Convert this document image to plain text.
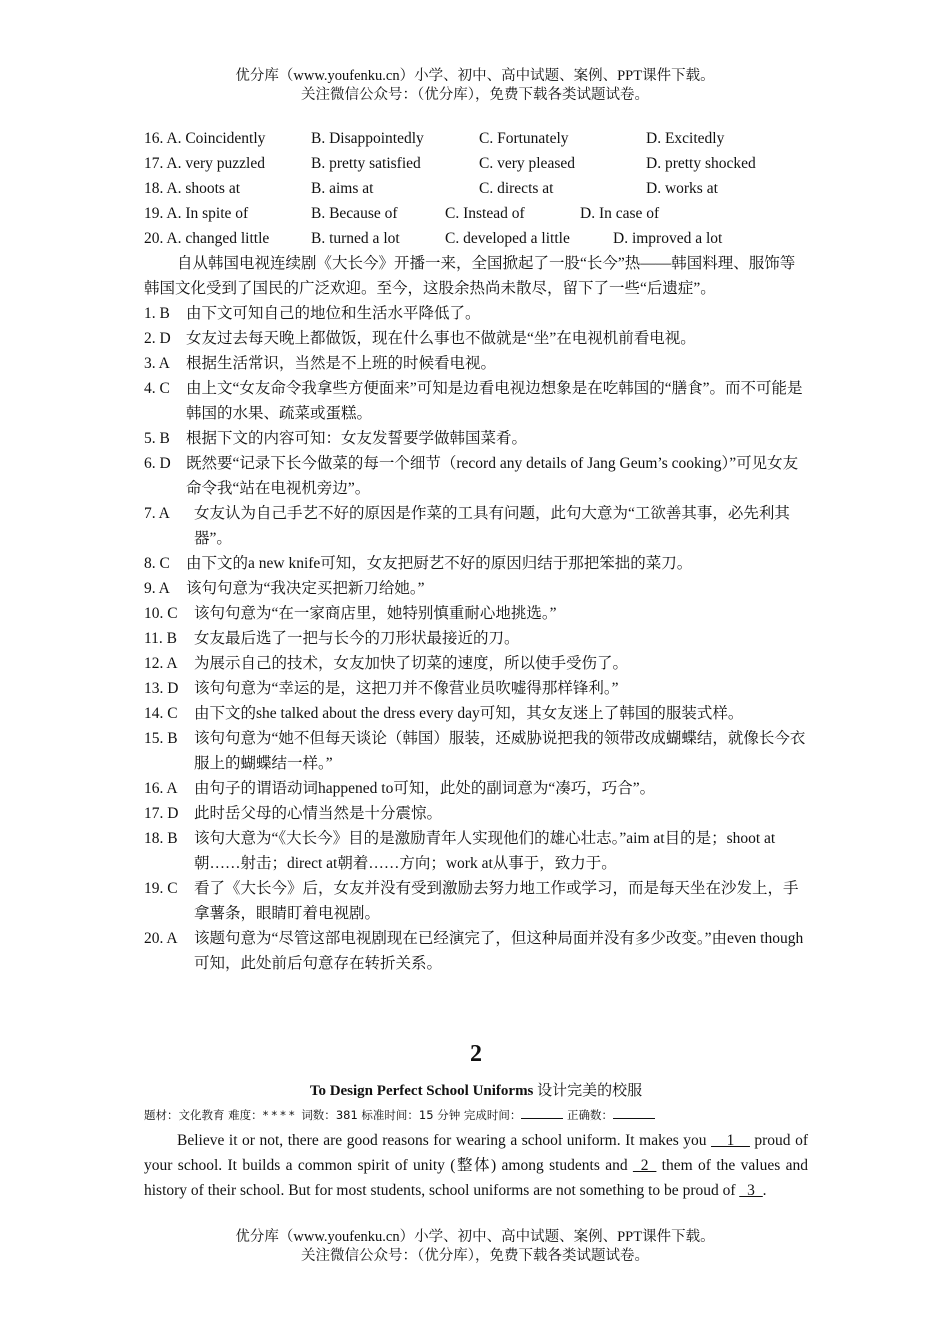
优分库（www.youfenku.cn）小学、初中、高中试题、案例、PPT课件下载。
关注微信公众号：（优分库），免费下载各类试题试卷。
16. A. Coincidently	B. Disappointedly	C. Fortunately	D. Excitedly
17. A. very puzzled	B. pretty satisfied	C. very pleased	D. pretty shocked
18. A. shoots at	B. aims at	C. directs at	D. works at
19. A. In spite of	B. Because of	C. Instead of	D. In case of
20. A. changed little	B. turned a lot	C. developed a little	D. improved a lot

自从韩国电视连续剧《大长今》开播一来，全国掀起了一股“长今”热——韩国料理、服饰等韩国文化受到了国民的广泛欢迎。至今，这股余热尚未散尽，留下了一些“后遗症”。

1. B 由下文可知自己的地位和生活水平降低了。
2. D 女友过去每天晚上都做饭，现在什么事也不做就是“坐”在电视机前看电视。
3. A 根据生活常识，当然是不上班的时候看电视。
4. C 由上文“女友命令我拿些方便面来”可知是边看电视边想象是在吃韩国的“膳食”。而不可能是韩国的水果、疏菜或蛋糕。
5. B 根据下文的内容可知：女友发誓要学做韩国菜肴。
6. D 既然要“记录下长今做菜的每一个细节（record any details of Jang Geum’s cooking）”可见女友命令我“站在电视机旁边”。
7. A 女友认为自己手艺不好的原因是作菜的工具有问题，此句大意为“工欲善其事，必先利其器”。
8. C 由下文的a new knife可知，女友把厨艺不好的原因归结于那把笨拙的菜刀。
9. A 该句句意为“我决定买把新刀给她。”
10. C 该句句意为“在一家商店里，她特别慎重耐心地挑选。”
11. B 女友最后选了一把与长今的刀形状最接近的刀。
12. A 为展示自己的技术，女友加快了切菜的速度，所以使手受伤了。
13. D 该句句意为“幸运的是，这把刀并不像营业员吹嘘得那样锋利。”
14. C 由下文的she talked about the dress every day可知，其女友迷上了韩国的服装式样。
15. B 该句句意为“她不但每天谈论（韩国）服装，还威胁说把我的领带改成蝴蝶结，就像长今衣服上的蝴蝶结一样。”
16. A 由句子的谓语动词happened to可知，此处的副词意为“凑巧，巧合”。
17. D 此时岳父母的心情当然是十分震惊。
18. B 该句大意为“《大长今》目的是激励青年人实现他们的雄心壮志。”aim at目的是；shoot at朝……射击；direct at朝着……方向；work at从事于，致力于。
19. C 看了《大长今》后，女友并没有受到激励去努力地工作或学习，而是每天坐在沙发上，手拿薯条，眼睛盯着电视剧。
20. A 该题句意为“尽管这部电视剧现在已经演完了，但这种局面并没有多少改变。”由even though可知，此处前后句意存在转折关系。
2
To Design Perfect School Uniforms 设计完美的校服
题材：文化教育 难度：**** 词数：381 标准时间：15 分钟 完成时间：	正确数：

Believe it or not, there are good reasons for wearing a school uniform. It makes you __1__ proud of your school. It builds a common spirit of unity (整体) among students and _2_ them of the values and history of their school. But for most students, school uniforms are not something to be proud of _3_.

优分库（www.youfenku.cn）小学、初中、高中试题、案例、PPT课件下载。
关注微信公众号：（优分库），免费下载各类试题试卷。
